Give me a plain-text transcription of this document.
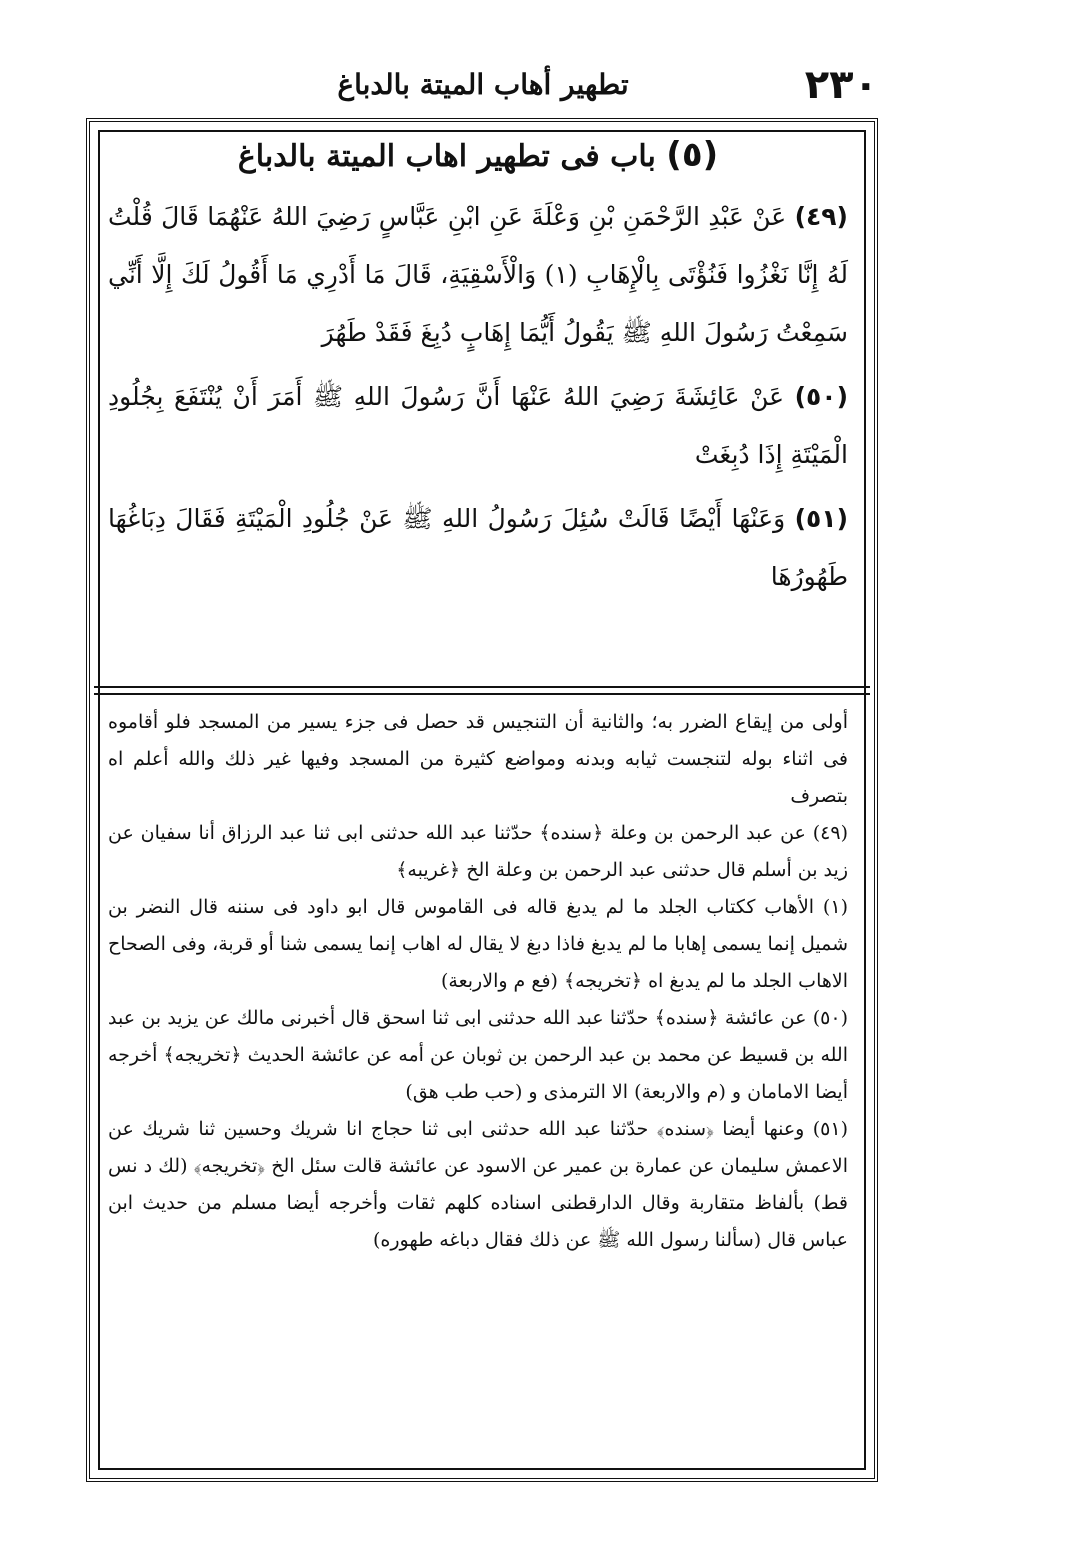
٢٣٠
تطهير أهاب الميتة بالدباغ
(٥) باب فى تطهير اهاب الميتة بالدباغ

(٤٩) عَنْ عَبْدِ الرَّحْمَنِ بْنِ وَعْلَةَ عَنِ ابْنِ عَبَّاسٍ رَضِيَ اللهُ عَنْهُمَا قَالَ قُلْتُ لَهُ إِنَّا نَغْزُوا فَنُؤْتَى بِالْإِهَابِ (١) وَالْأَسْقِيَةِ، قَالَ مَا أَدْرِي مَا أَقُولُ لَكَ إِلَّا أَنِّي سَمِعْتُ رَسُولَ اللهِ ﷺ يَقُولُ أَيُّمَا إِهَابٍ دُبِغَ فَقَدْ طَهُرَ

(٥٠) عَنْ عَائِشَةَ رَضِيَ اللهُ عَنْهَا أَنَّ رَسُولَ اللهِ ﷺ أَمَرَ أَنْ يُنْتَفَعَ بِجُلُودِ الْمَيْتَةِ إِذَا دُبِغَتْ

(٥١) وَعَنْهَا أَيْضًا قَالَتْ سُئِلَ رَسُولُ اللهِ ﷺ عَنْ جُلُودِ الْمَيْتَةِ فَقَالَ دِبَاغُهَا طَهُورُهَا

أولى من إيقاع الضرر به؛ والثانية أن التنجيس قد حصل فى جزء يسير من المسجد فلو أقاموه فى اثناء بوله لتنجست ثيابه وبدنه ومواضع كثيرة من المسجد وفيها غير ذلك والله أعلم اه بتصرف

(٤٩) عن عبد الرحمن بن وعلة ﴿سنده﴾ حدّثنا عبد الله حدثنى ابى ثنا عبد الرزاق أنا سفيان عن زيد بن أسلم قال حدثنى عبد الرحمن بن وعلة الخ ﴿غريبه﴾

(١) الأهاب ككتاب الجلد ما لم يدبغ قاله فى القاموس قال ابو داود فى سننه قال النضر بن شميل إنما يسمى إهابا ما لم يدبغ فاذا دبغ لا يقال له اهاب إنما يسمى شنا أو قربة، وفى الصحاح الاهاب الجلد ما لم يدبغ اه ﴿تخريجه﴾ (فع م والاربعة)

(٥٠) عن عائشة ﴿سنده﴾ حدّثنا عبد الله حدثنى ابى ثنا اسحق قال أخبرنى مالك عن يزيد بن عبد الله بن قسيط عن محمد بن عبد الرحمن بن ثوبان عن أمه عن عائشة الحديث ﴿تخريجه﴾ أخرجه أيضا الامامان و (م والاربعة) الا الترمذى و (حب طب هق)

(٥١) وعنها أيضا ﴿سنده﴾ حدّثنا عبد الله حدثنى ابى ثنا حجاج انا شريك وحسين ثنا شريك عن الاعمش سليمان عن عمارة بن عمير عن الاسود عن عائشة قالت سئل الخ ﴿تخريجه﴾ (لك د نس قط) بألفاظ متقاربة وقال الدارقطنى اسناده كلهم ثقات وأخرجه أيضا مسلم من حديث ابن عباس قال (سألنا رسول الله ﷺ عن ذلك فقال دباغه طهوره)
